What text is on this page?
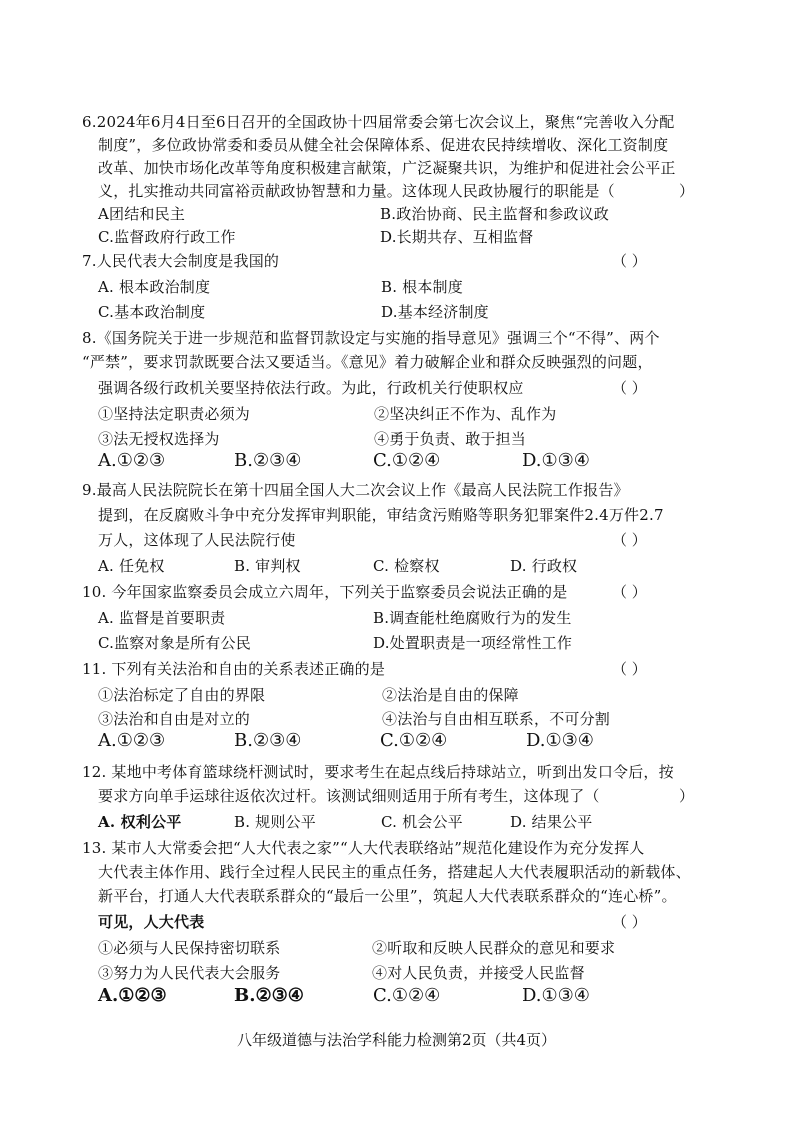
6.2024年6月4日至6日召开的全国政协十四届常委会第七次会议上，聚焦“完善收入分配
制度”，多位政协常委和委员从健全社会保障体系、促进农民持续增收、深化工资制度
改革、加快市场化改革等角度积极建言献策，广泛凝聚共识，为维护和促进社会公平正
义，扎实推动共同富裕贡献政协智慧和力量。这体现人民政协履行的职能是（	）
A团结和民主	B.政治协商、民主监督和参政议政
C.监督政府行政工作	D.长期共存、互相监督
7.人民代表大会制度是我国的	（ ）
A. 根本政治制度	B. 根本制度
C.基本政治制度	D.基本经济制度
8.《国务院关于进一步规范和监督罚款设定与实施的指导意见》强调三个“不得”、两个
“严禁”，要求罚款既要合法又要适当。《意见》着力破解企业和群众反映强烈的问题，
强调各级行政机关要坚持依法行政。为此，行政机关行使职权应	（ ）
①坚持法定职责必须为	②坚决纠正不作为、乱作为
③法无授权选择为	④勇于负责、敢于担当
A.①②③	B.②③④	C.①②④	D.①③④
9.最高人民法院院长在第十四届全国人大二次会议上作《最高人民法院工作报告》
提到，在反腐败斗争中充分发挥审判职能，审结贪污贿赂等职务犯罪案件2.4万件2.7
万人，这体现了人民法院行使	（ ）
A. 任免权	B. 审判权	C. 检察权	D. 行政权
10. 今年国家监察委员会成立六周年，下列关于监察委员会说法正确的是	（ ）
A. 监督是首要职责	B.调查能杜绝腐败行为的发生
C.监察对象是所有公民	D.处置职责是一项经常性工作
11. 下列有关法治和自由的关系表述正确的是	（ ）
①法治标定了自由的界限	②法治是自由的保障
③法治和自由是对立的	④法治与自由相互联系，不可分割
A.①②③	B.②③④	C.①②④	D.①③④
12. 某地中考体育篮球绕杆测试时，要求考生在起点线后持球站立，听到出发口令后，按
要求方向单手运球往返依次过杆。该测试细则适用于所有考生，这体现了（	）
A. 权利公平	B. 规则公平	C. 机会公平	D. 结果公平
13. 某市人大常委会把“人大代表之家”“人大代表联络站”规范化建设作为充分发挥人
大代表主体作用、践行全过程人民民主的重点任务，搭建起人大代表履职活动的新载体、
新平台，打通人大代表联系群众的“最后一公里”，筑起人大代表联系群众的“连心桥”。
可见，人大代表	（ ）
①必须与人民保持密切联系	②听取和反映人民群众的意见和要求
③努力为人民代表大会服务	④对人民负责，并接受人民监督
A.①②③	B.②③④	C.①②④	D.①③④
八年级道德与法治学科能力检测第2页（共4页）
